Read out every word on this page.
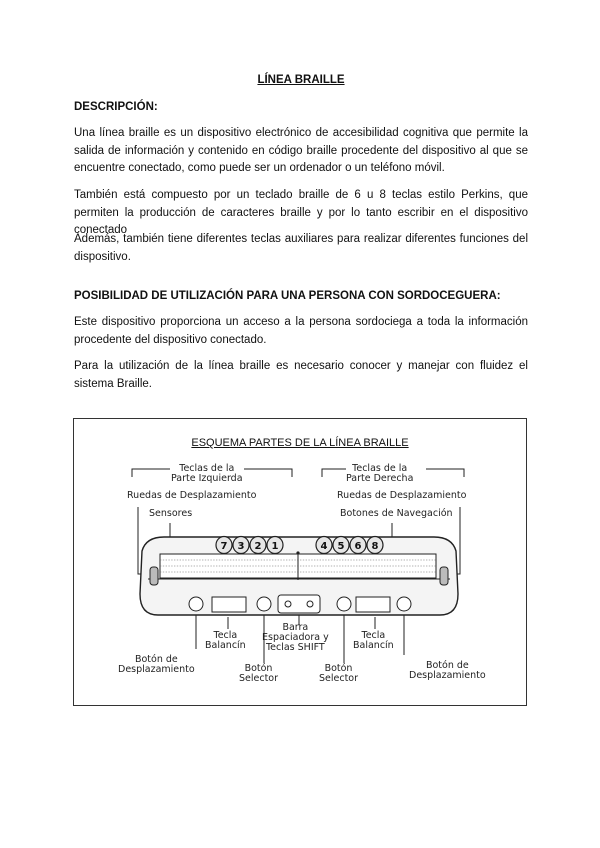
LÍNEA BRAILLE
DESCRIPCIÓN:

Una línea braille es un dispositivo electrónico de accesibilidad cognitiva que permite la salida de información y contenido en código braille procedente del dispositivo al que se encuentre conectado, como puede ser un ordenador o un teléfono móvil.

También está compuesto por un teclado braille de 6 u 8 teclas estilo Perkins, que permiten la producción de caracteres braille y por lo tanto escribir en el dispositivo conectado

Además, también tiene diferentes teclas auxiliares para realizar diferentes funciones del dispositivo.

POSIBILIDAD DE UTILIZACIÓN PARA UNA PERSONA CON SORDOCEGUERA:

Este dispositivo proporciona un acceso a la persona sordociega a toda la información procedente del dispositivo conectado.

Para la utilización de la línea braille es necesario conocer y manejar con fluidez el sistema Braille.

ESQUEMA PARTES DE LA LÍNEA BRAILLE
7 3 2 1	4 5 6 8
Teclas de la
Parte Izquierda
Teclas de la
Parte Derecha
Ruedas de Desplazamiento	Ruedas de Desplazamiento
Sensores	Botones de Navegación
Barra
Espaciadora y
Teclas SHIFT
Tecla
Balancín
Tecla
Balancín
Botón de
Desplazamiento	Botón de
Desplazamiento
Botón
Selector
Botón
Selector
